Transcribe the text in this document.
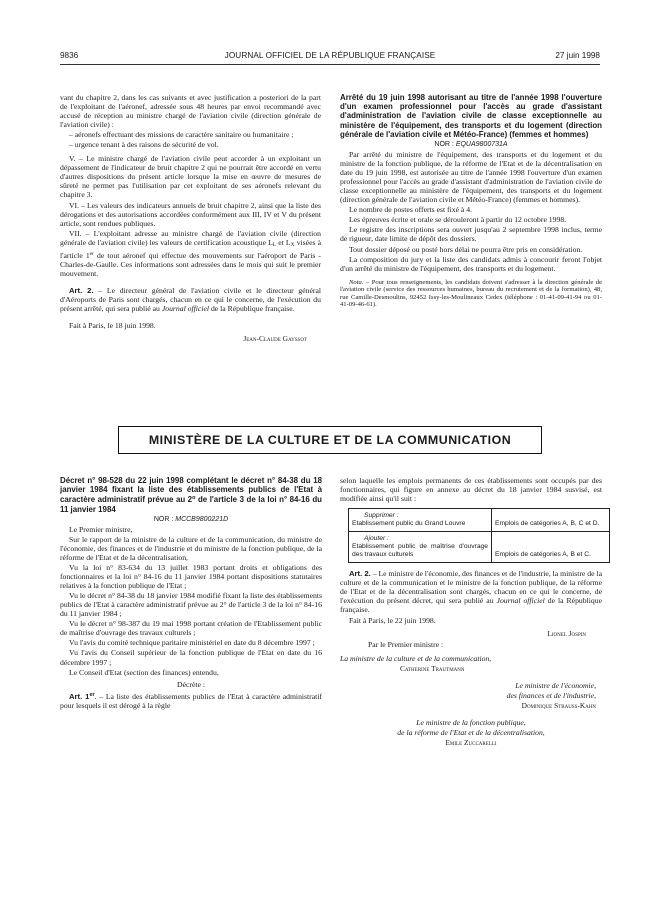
9836	JOURNAL OFFICIEL DE LA RÉPUBLIQUE FRANÇAISE	27 juin 1998

vant du chapitre 2, dans les cas suivants et avec justification a posteriori de la part de l'exploitant de l'aéronef, adressée sous 48 heures par envoi recommandé avec accusé de réception au ministre chargé de l'aviation civile (direction générale de l'aviation civile) :

– aéronefs effectuant des missions de caractère sanitaire ou humanitaire ;

– urgence tenant à des raisons de sécurité de vol.

V. – Le ministre chargé de l'aviation civile peut accorder à un exploitant un dépassement de l'indicateur de bruit chapitre 2 qui ne pourrait être accordé en vertu d'autres dispositions du présent article lorsque la mise en œuvre de mesures de sûreté ne permet pas l'utilisation par cet exploitant de ses aéronefs relevant du chapitre 3.

VI. – Les valeurs des indicateurs annuels de bruit chapitre 2, ainsi que la liste des dérogations et des autorisations accordées conformément aux III, IV et V du présent article, sont rendues publiques.

VII. – L'exploitant adresse au ministre chargé de l'aviation civile (direction générale de l'aviation civile) les valeurs de certification acoustique LL et LX visées à l'article 1er de tout aéronef qui effectue des mouvements sur l'aéroport de Paris - Charles-de-Gaulle. Ces informations sont adressées dans le mois qui suit le premier mouvement.

Art. 2. – Le directeur général de l'aviation civile et le directeur général d'Aéroports de Paris sont chargés, chacun en ce qui le concerne, de l'exécution du présent arrêté, qui sera publié au Journal officiel de la République française.

Fait à Paris, le 18 juin 1998.

Jean-Claude Gayssot

Arrêté du 19 juin 1998 autorisant au titre de l'année 1998 l'ouverture d'un examen professionnel pour l'accès au grade d'assistant d'administration de l'aviation civile de classe exceptionnelle au ministère de l'équipement, des transports et du logement (direction générale de l'aviation civile et Météo-France) (femmes et hommes)

NOR : EQUA9800731A

Par arrêté du ministre de l'équipement, des transports et du logement et du ministre de la fonction publique, de la réforme de l'Etat et de la décentralisation en date du 19 juin 1998, est autorisée au titre de l'année 1998 l'ouverture d'un examen professionnel pour l'accès au grade d'assistant d'administration de l'aviation civile de classe exceptionnelle au ministère de l'équipement, des transports et du logement (direction générale de l'aviation civile et Météo-France) (femmes et hommes).

Le nombre de postes offerts est fixé à 4.

Les épreuves écrite et orale se dérouleront à partir du 12 octobre 1998.

Le registre des inscriptions sera ouvert jusqu'au 2 septembre 1998 inclus, terme de rigueur, date limite de dépôt des dossiers.

Tout dossier déposé ou posté hors délai ne pourra être pris en considération.

La composition du jury et la liste des candidats admis à concourir feront l'objet d'un arrêté du ministre de l'équipement, des transports et du logement.

Nota. – Pour tous renseignements, les candidats doivent s'adresser à la direction générale de l'aviation civile (service des ressources humaines, bureau du recrutement et de la formation), 48, rue Camille-Desmoulins, 92452 Issy-les-Moulineaux Cedex (téléphone : 01-41-09-41-94 ou 01-41-09-46-61).

MINISTÈRE DE LA CULTURE ET DE LA COMMUNICATION

Décret n° 98-528 du 22 juin 1998 complétant le décret n° 84-38 du 18 janvier 1984 fixant la liste des établissements publics de l'Etat à caractère administratif prévue au 2$^o$ de l'article 3 de la loi n° 84-16 du 11 janvier 1984

NOR : MCCB9800221D

Le Premier ministre,

Sur le rapport de la ministre de la culture et de la communication, du ministre de l'économie, des finances et de l'industrie et du ministre de la fonction publique, de la réforme de l'Etat et de la décentralisation,

Vu la loi n° 83-634 du 13 juillet 1983 portant droits et obligations des fonctionnaires et la loi n° 84-16 du 11 janvier 1984 portant dispositions statutaires relatives à la fonction publique de l'Etat ;

Vu le décret n° 84-38 du 18 janvier 1984 modifié fixant la liste des établissements publics de l'Etat à caractère administratif prévue au 2° de l'article 3 de la loi n° 84-16 du 11 janvier 1984 ;

Vu le décret n° 98-387 du 19 mai 1998 portant création de l'Etablissement public de maîtrise d'ouvrage des travaux culturels ;

Vu l'avis du comité technique paritaire ministériel en date du 8 décembre 1997 ;

Vu l'avis du Conseil supérieur de la fonction publique de l'Etat en date du 16 décembre 1997 ;

Le Conseil d'Etat (section des finances) entendu,

Décrète :

Art. 1er. – La liste des établissements publics de l'Etat à caractère administratif pour lesquels il est dérogé à la règle

selon laquelle les emplois permanents de ces établissements sont occupés par des fonctionnaires, qui figure en annexe au décret du 18 janvier 1984 susvisé, est modifiée ainsi qu'il suit :

Supprimer :
Etablissement public du Grand Louvre	Emplois de catégories A, B, C et D.

Ajouter :
Etablissement public de maîtrise d'ouvrage des travaux culturels	Emplois de catégories A, B et C.

Art. 2. – Le ministre de l'économie, des finances et de l'industrie, la ministre de la culture et de la communication et le ministre de la fonction publique, de la réforme de l'Etat et de la décentralisation sont chargés, chacun en ce qui le concerne, de l'exécution du présent décret, qui sera publié au Journal officiel de la République française.

Fait à Paris, le 22 juin 1998.

Lionel Jospin

Par le Premier ministre :

La ministre de la culture et de la communication,

Catherine Trautmann

Le ministre de l'économie,

des finances et de l'industrie,

Dominique Strauss-Kahn

Le ministre de la fonction publique,

de la réforme de l'Etat et de la décentralisation,

Emile Zuccarelli
